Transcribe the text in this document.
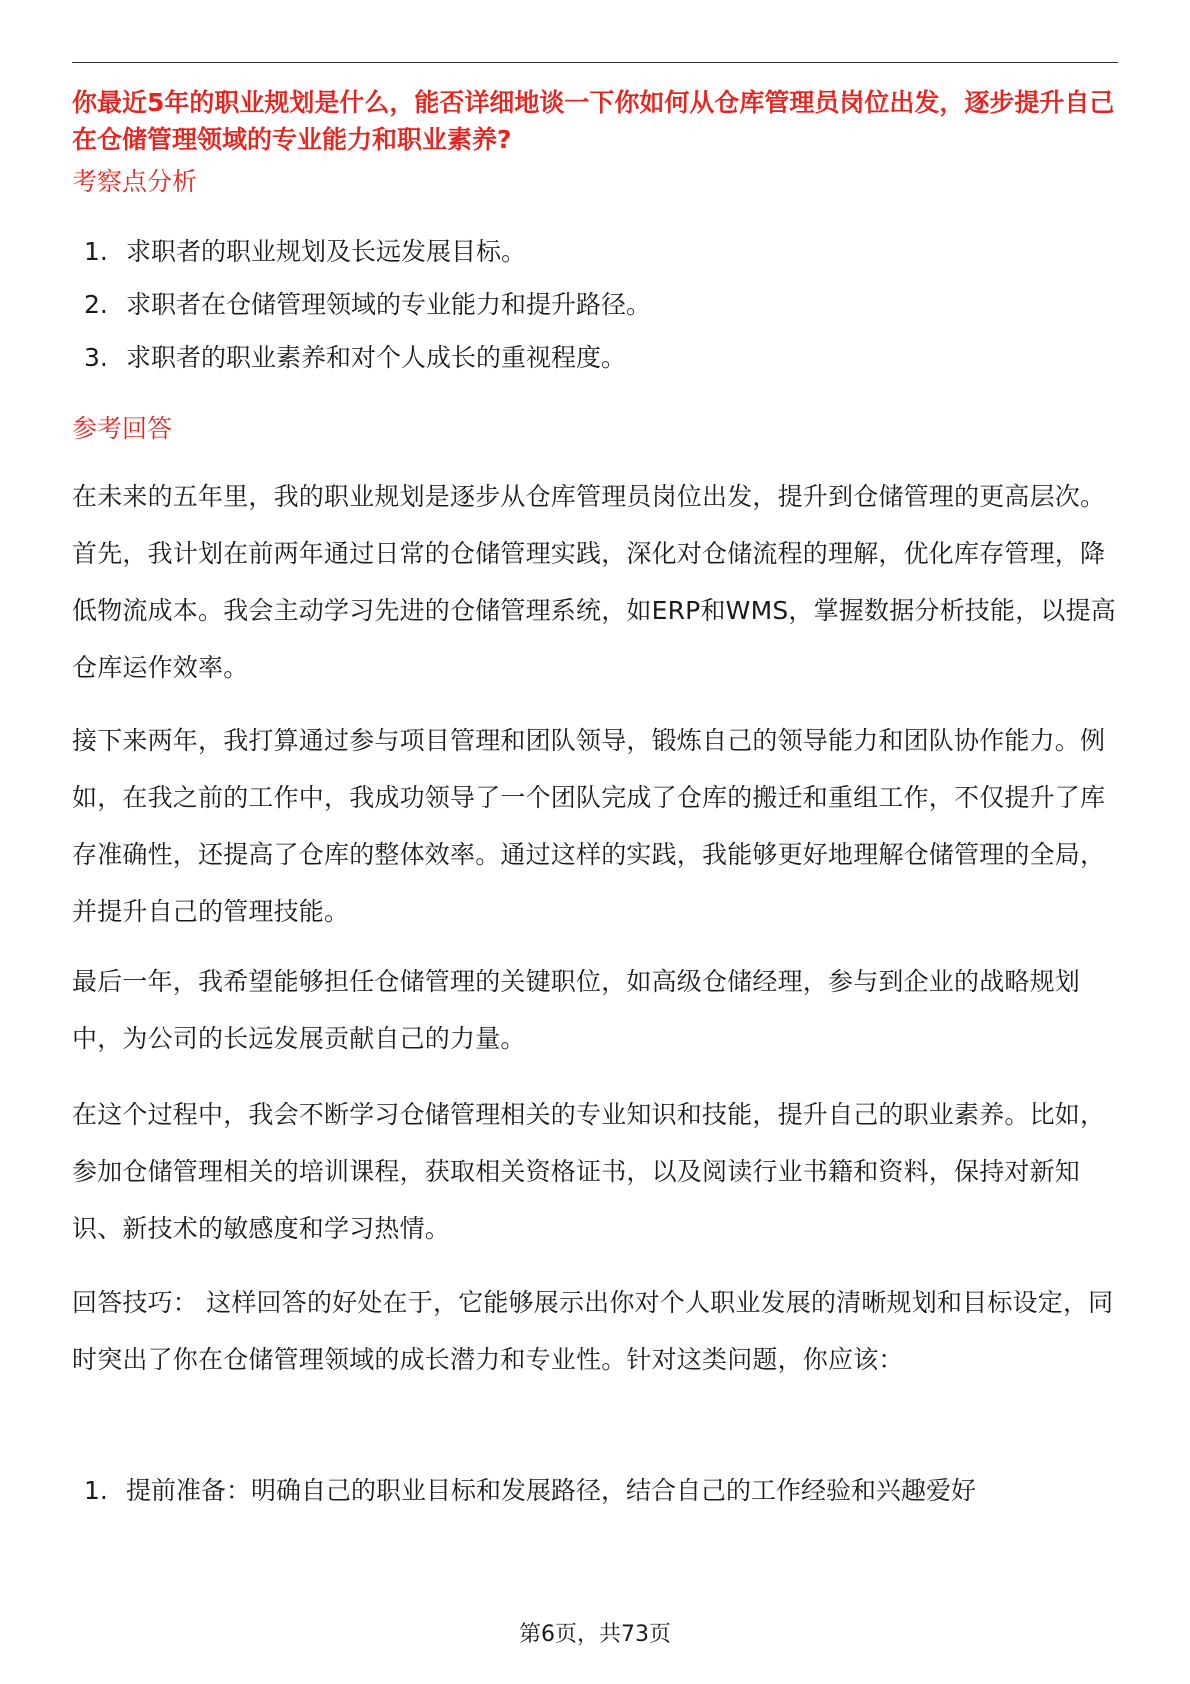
你最近5年的职业规划是什么，能否详细地谈一下你如何从仓库管理员岗位出发，逐步提升自己在仓储管理领域的专业能力和职业素养?

考察点分析
1. 求职者的职业规划及长远发展目标。
2. 求职者在仓储管理领域的专业能力和提升路径。
3. 求职者的职业素养和对个人成长的重视程度。
参考回答

在未来的五年里，我的职业规划是逐步从仓库管理员岗位出发，提升到仓储管理的更高层次。首先，我计划在前两年通过日常的仓储管理实践，深化对仓储流程的理解，优化库存管理，降低物流成本。我会主动学习先进的仓储管理系统，如ERP和WMS，掌握数据分析技能，以提高仓库运作效率。

接下来两年，我打算通过参与项目管理和团队领导，锻炼自己的领导能力和团队协作能力。例如，在我之前的工作中，我成功领导了一个团队完成了仓库的搬迁和重组工作，不仅提升了库存准确性，还提高了仓库的整体效率。通过这样的实践，我能够更好地理解仓储管理的全局，并提升自己的管理技能。

最后一年，我希望能够担任仓储管理的关键职位，如高级仓储经理，参与到企业的战略规划中，为公司的长远发展贡献自己的力量。

在这个过程中，我会不断学习仓储管理相关的专业知识和技能，提升自己的职业素养。比如，参加仓储管理相关的培训课程，获取相关资格证书，以及阅读行业书籍和资料，保持对新知识、新技术的敏感度和学习热情。

回答技巧： 这样回答的好处在于，它能够展示出你对个人职业发展的清晰规划和目标设定，同时突出了你在仓储管理领域的成长潜力和专业性。针对这类问题，你应该：

1. 提前准备：明确自己的职业目标和发展路径，结合自己的工作经验和兴趣爱好
第6页，共73页
